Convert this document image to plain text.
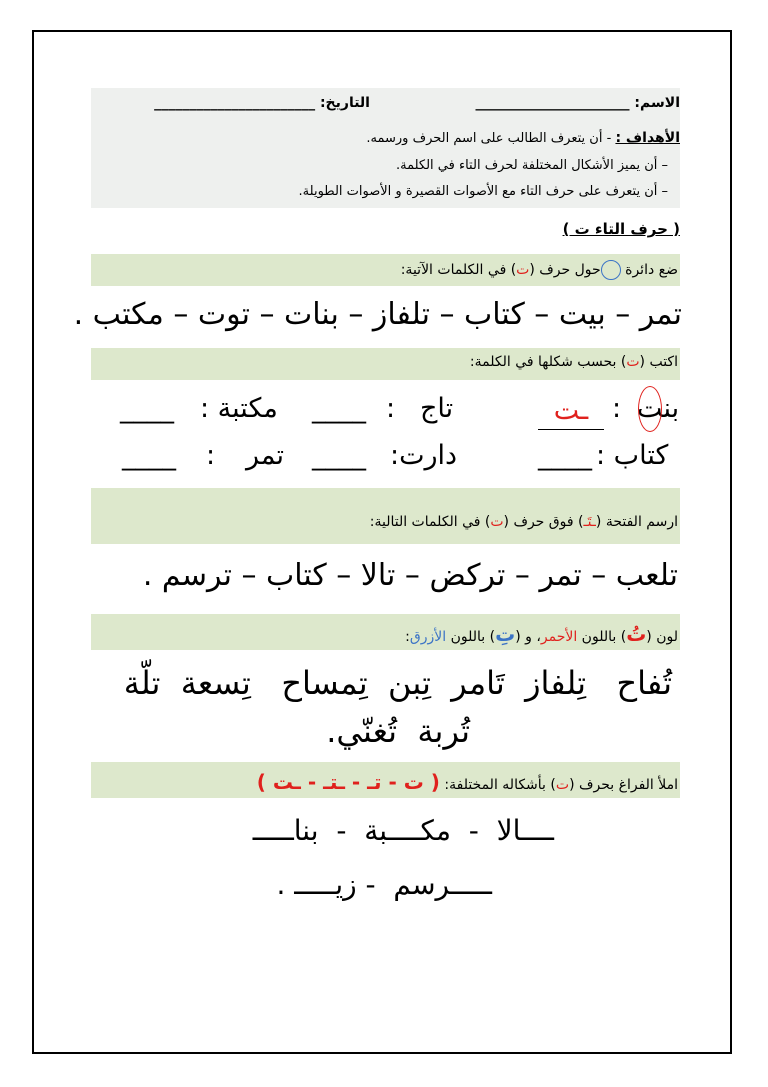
الاسم: ______________________
التاريخ: _______________________
الأهداف : - أن يتعرف الطالب على اسم الحرف ورسمه.
– أن يميز الأشكال المختلفة لحرف التاء في الكلمة.
– أن يتعرف على حرف التاء مع الأصوات القصيرة و الأصوات الطويلة.
( حرف التاء ت )
ضع دائرة حول حرف (ت) في الكلمات الآتية:
تمر – بيت – كتاب – تلفاز – بنات – توت – مكتب .
اكتب (ت) بحسب شكلها في الكلمة:
بنت
:
ـت
تاج
:
____
مكتبة :
____
كتاب :
____
دارت:
____
تمر
:
____
ارسم الفتحة (ـتَـ) فوق حرف (ت) في الكلمات التالية:
تلعب – تمر – تركض – تالا – كتاب – ترسم .
لون (تُ) باللون الأحمر، و (تِ) باللون الأزرق:
تُفاح   تِلفاز  تَامر  تِبن  تِمساح   تِسعة  تلّة
تُربة  تُغنّي.
املأ الفراغ بحرف (ت) بأشكاله المختلفة: ( ت - تـ - ـتـ - ـت )
ــــالا  -  مكــــبة  -  بناـــــ
ـــــرسم  - زيـــــ .
